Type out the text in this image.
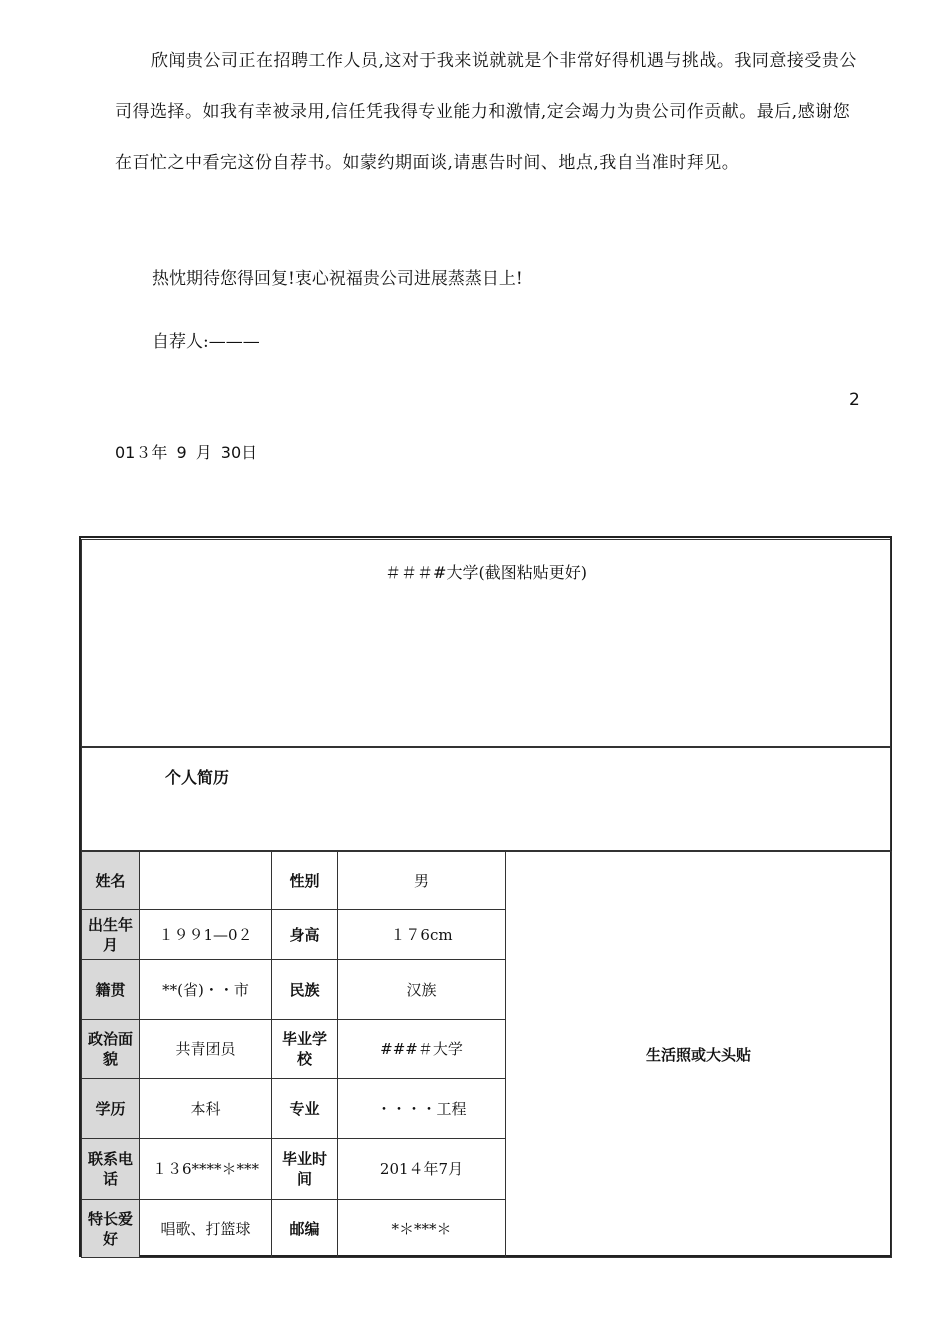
欣闻贵公司正在招聘工作人员,这对于我来说就就是个非常好得机遇与挑战。我同意接受贵公司得选择。如我有幸被录用,信任凭我得专业能力和激情,定会竭力为贵公司作贡献。最后,感谢您在百忙之中看完这份自荐书。如蒙约期面谈,请惠告时间、地点,我自当准时拜见。

热忱期待您得回复!衷心祝福贵公司进展蒸蒸日上!
自荐人:———
2
01３年 9 月 30日
＃＃＃#大学(截图粘贴更好)
个人简历
姓名		性别	男	生活照或大头贴
出生年月	１９９1—0２	身高	１７6cm	
籍贯	**(省)・・市	民族	汉族	
政治面貌	共青团员	毕业学校	###＃大学	
学历	本科	专业	・・・・工程	
联系电话	１３6****＊***	毕业时间	201４年7月	
特长爱好	唱歌、打篮球	邮编	*＊***＊	
